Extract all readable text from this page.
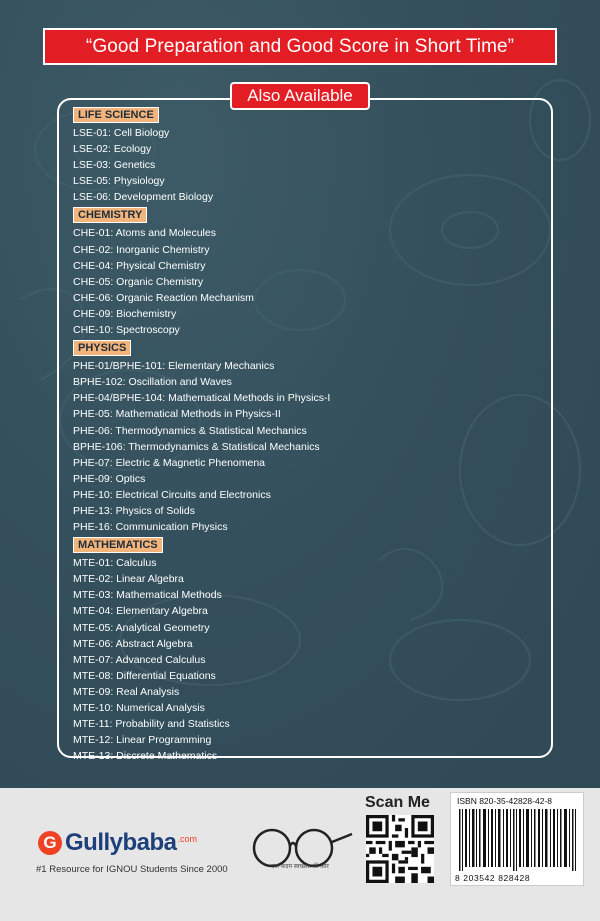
“Good Preparation and Good Score in Short Time”
Also Available
LIFE SCIENCE
LSE-01: Cell Biology
LSE-02: Ecology
LSE-03: Genetics
LSE-05: Physiology
LSE-06: Development Biology
CHEMISTRY
CHE-01: Atoms and Molecules
CHE-02: Inorganic Chemistry
CHE-04: Physical Chemistry
CHE-05: Organic Chemistry
CHE-06: Organic Reaction Mechanism
CHE-09: Biochemistry
CHE-10: Spectroscopy
PHYSICS
PHE-01/BPHE-101: Elementary Mechanics
BPHE-102: Oscillation and Waves
PHE-04/BPHE-104: Mathematical Methods in Physics-I
PHE-05: Mathematical Methods in Physics-II
PHE-06: Thermodynamics & Statistical Mechanics
BPHE-106: Thermodynamics & Statistical Mechanics
PHE-07: Electric & Magnetic Phenomena
PHE-09: Optics
PHE-10: Electrical Circuits and Electronics
PHE-13: Physics of Solids
PHE-16: Communication Physics
MATHEMATICS
MTE-01: Calculus
MTE-02: Linear Algebra
MTE-03: Mathematical Methods
MTE-04: Elementary Algebra
MTE-05: Analytical Geometry
MTE-06: Abstract Algebra
MTE-07: Advanced Calculus
MTE-08: Differential Equations
MTE-09: Real Analysis
MTE-10: Numerical Analysis
MTE-11: Probability and Statistics
MTE-12: Linear Programming
MTE-13: Discrete Mathematics
G Gullybaba .com
#1 Resource for IGNOU Students Since 2000	एक कदम स्वच्छता की ओर
Scan Me	ISBN 820-35-42828-42-8
8 203542 828428
